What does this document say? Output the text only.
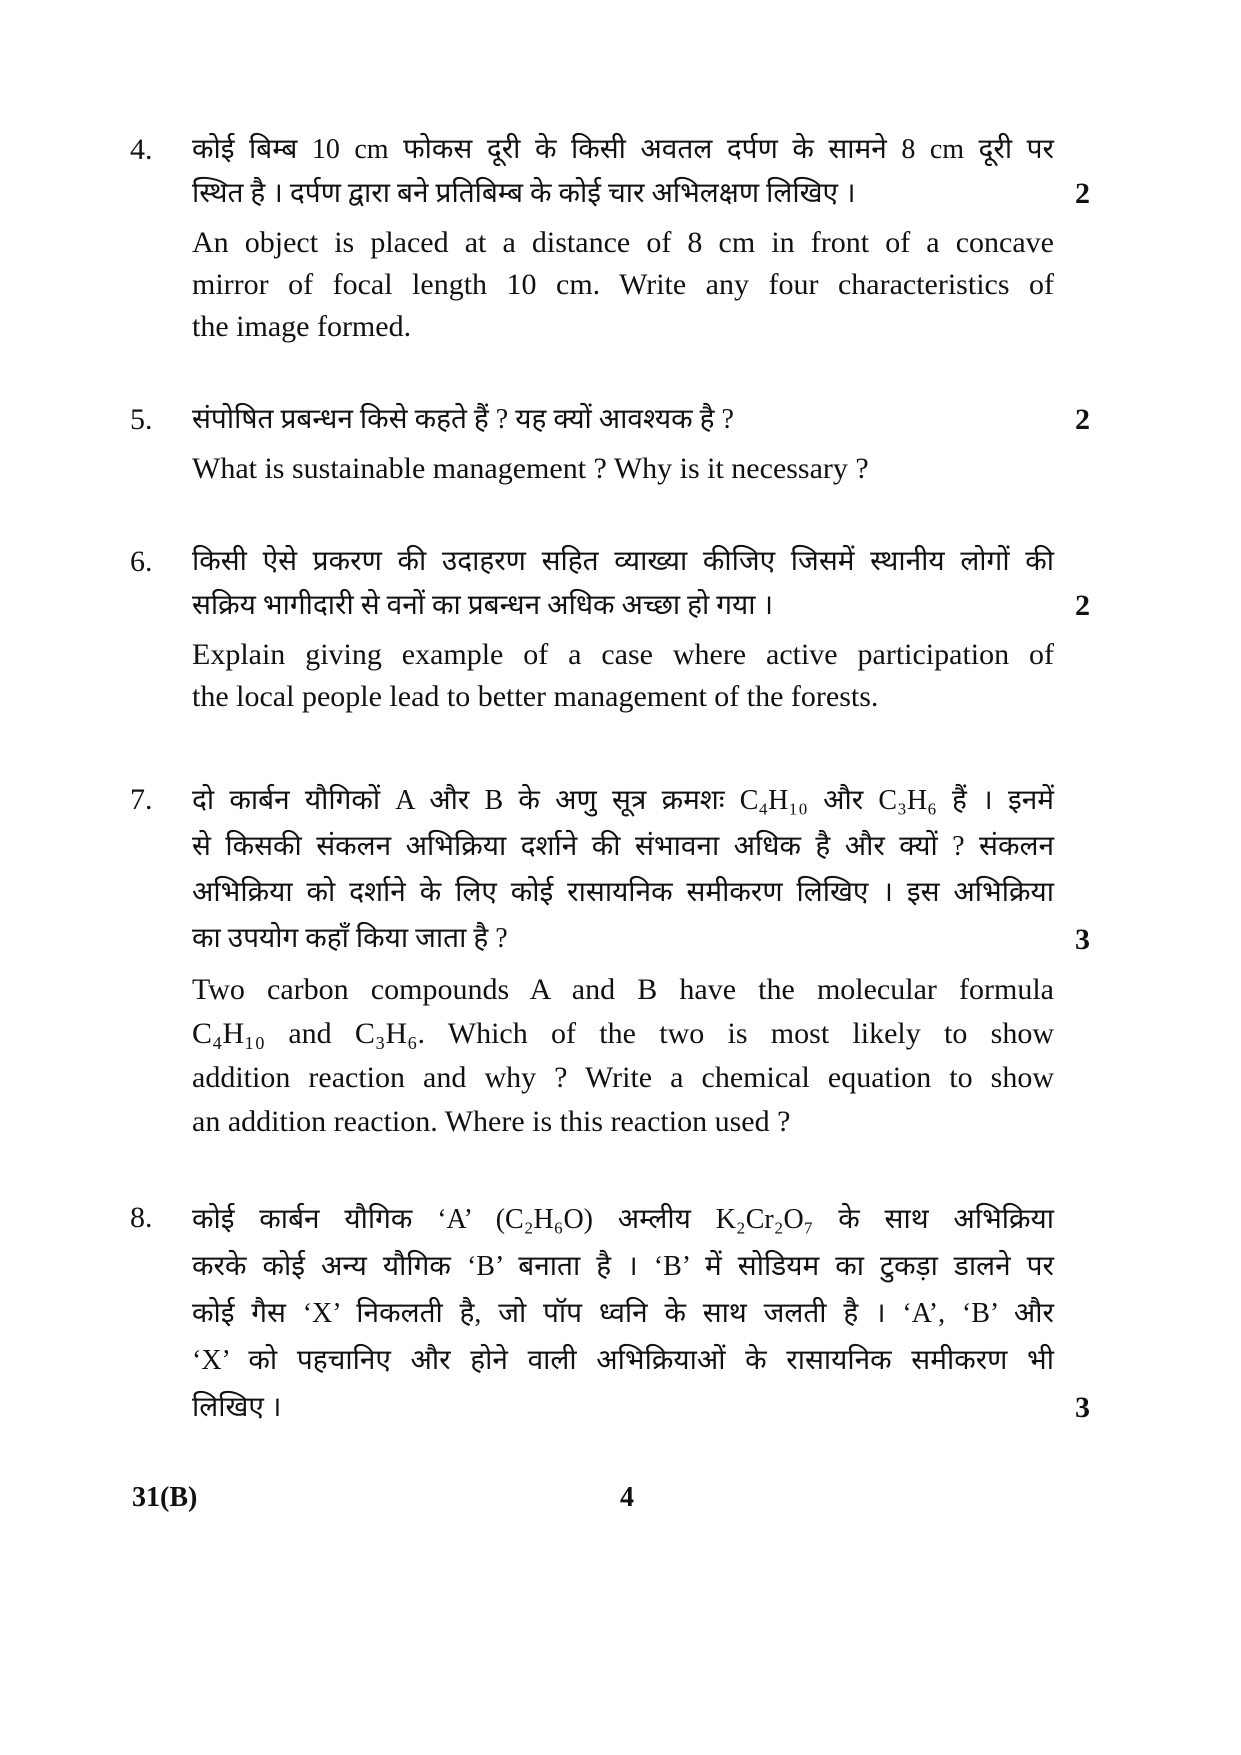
4. कोई बिम्ब 10 cm फोकस दूरी के किसी अवतल दर्पण के सामने 8 cm दूरी पर
स्थित है । दर्पण द्वारा बने प्रतिबिम्ब के कोई चार अभिलक्षण लिखिए ।
An object is placed at a distance of 8 cm in front of a concave
mirror of focal length 10 cm. Write any four characteristics of
the image formed.
2
5. संपोषित प्रबन्धन किसे कहते हैं ? यह क्यों आवश्यक है ?
What is sustainable management ? Why is it necessary ?
2
6. किसी ऐसे प्रकरण की उदाहरण सहित व्याख्या कीजिए जिसमें स्थानीय लोगों की
सक्रिय भागीदारी से वनों का प्रबन्धन अधिक अच्छा हो गया ।
Explain giving example of a case where active participation of
the local people lead to better management of the forests.
2
7. दो कार्बन यौगिकों A और B के अणु सूत्र क्रमशः C₄H₁₀ और C₃H₆ हैं । इनमें
से किसकी संकलन अभिक्रिया दर्शाने की संभावना अधिक है और क्यों ? संकलन
अभिक्रिया को दर्शाने के लिए कोई रासायनिक समीकरण लिखिए । इस अभिक्रिया
का उपयोग कहाँ किया जाता है ?
Two carbon compounds A and B have the molecular formula
C₄H₁₀ and C₃H₆. Which of the two is most likely to show
addition reaction and why ? Write a chemical equation to show
an addition reaction. Where is this reaction used ?
3
8. कोई कार्बन यौगिक ‘A’ (C₂H₆O) अम्लीय K₂Cr₂O₇ के साथ अभिक्रिया
करके कोई अन्य यौगिक ‘B’ बनाता है । ‘B’ में सोडियम का टुकड़ा डालने पर
कोई गैस ‘X’ निकलती है, जो पॉप ध्वनि के साथ जलती है । ‘A’, ‘B’ और
‘X’ को पहचानिए और होने वाली अभिक्रियाओं के रासायनिक समीकरण भी
लिखिए ।	3
31(B)	4
